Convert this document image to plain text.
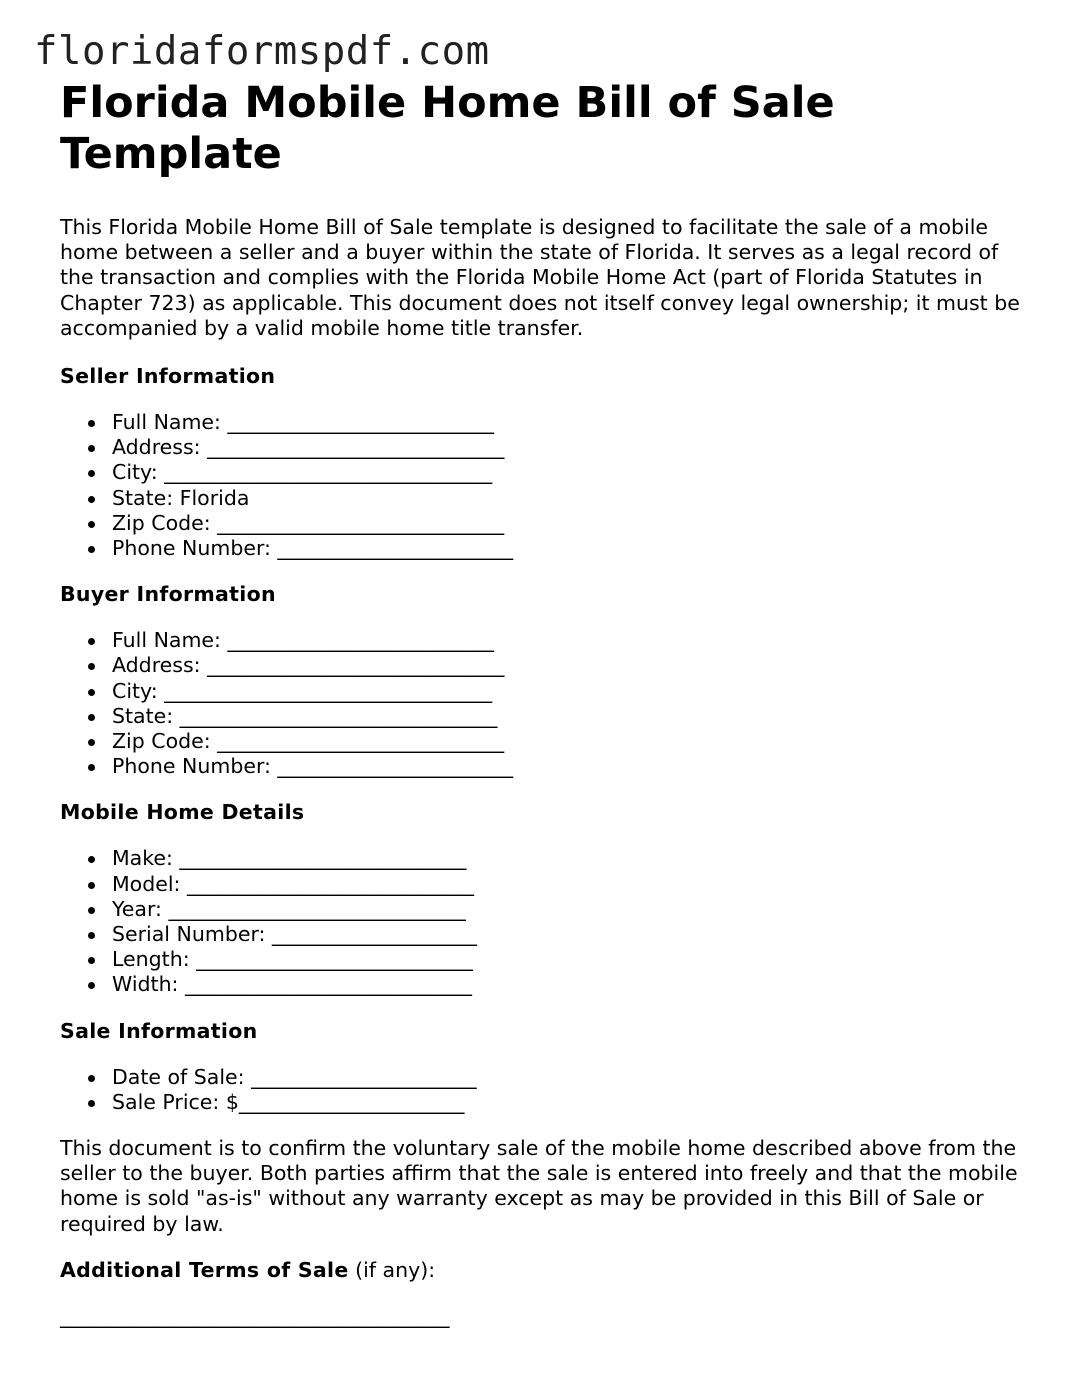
floridaformspdf.com
Florida Mobile Home Bill of Sale Template

This Florida Mobile Home Bill of Sale template is designed to facilitate the sale of a mobile home between a seller and a buyer within the state of Florida. It serves as a legal record of the transaction and complies with the Florida Mobile Home Act (part of Florida Statutes in Chapter 723) as applicable. This document does not itself convey legal ownership; it must be accompanied by a valid mobile home title transfer.

Seller Information
Full Name: __________________________
Address: _____________________________
City: ________________________________
State: Florida
Zip Code: ____________________________
Phone Number: _______________________
Buyer Information
Full Name: __________________________
Address: _____________________________
City: ________________________________
State: _______________________________
Zip Code: ____________________________
Phone Number: _______________________
Mobile Home Details
Make: ____________________________
Model: ____________________________
Year: _____________________________
Serial Number: ____________________
Length: ___________________________
Width: ____________________________
Sale Information
Date of Sale: ______________________
Sale Price: $______________________

This document is to confirm the voluntary sale of the mobile home described above from the seller to the buyer. Both parties affirm that the sale is entered into freely and that the mobile home is sold "as-is" without any warranty except as may be provided in this Bill of Sale or required by law.

Additional Terms of Sale (if any):
______________________________________
